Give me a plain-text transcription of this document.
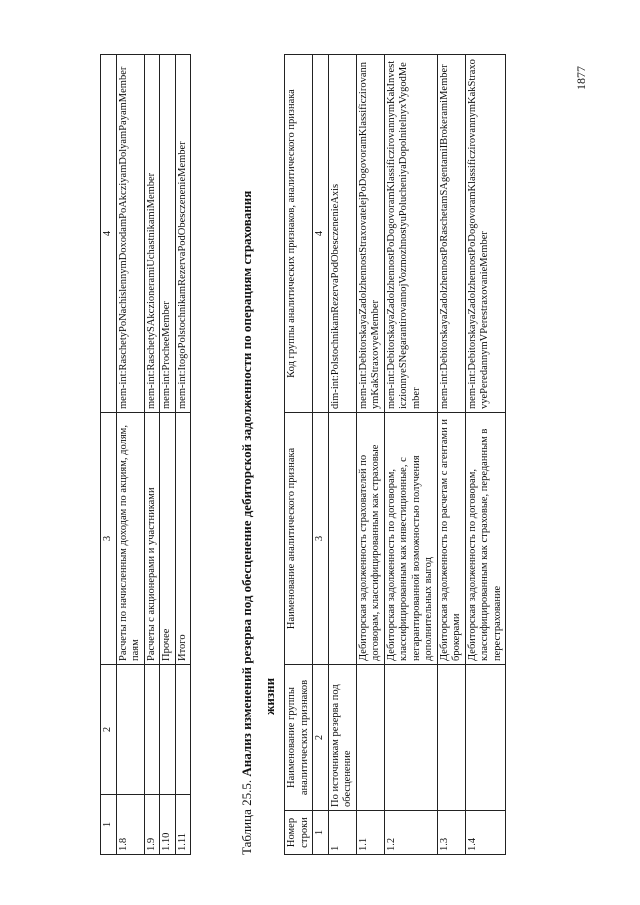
1	2	3	4
1.8		Расчеты по начисленным доходам по акциям, долям, паям	mem-int:RaschetyPoNachislennymDoxodamPoAkcziyamDolyamPayamMember
1.9		Расчеты с акционерами и участниками	mem-int:RaschetySAkczioneramiUchastnikamiMember
1.10		Прочее	mem-int:ProcheeMember
1.11		Итого	mem-int:ItogoPolstochnikamRezervaPodObesczenenieMember
Таблица 25.5. Анализ изменений резерва под обесценение дебиторской задолженности по операциям страхования жизни
Номер строки	Наименование группы аналитических признаков	Наименование аналитического признака	Код группы аналитических признаков, аналитического признака
1	2	3	4
1	По источникам резерва под обесценение		dim-int:PolstochnikamRezervaPodObesczenenieAxis
1.1		Дебиторская задолженность страхователей по договорам, классифицированным как страховые	mem-int:DebitorskayaZadolzhennostStraxovatelejPoDogovoramKlassificzirovannymKakStraxovyeMember
1.2		Дебиторская задолженность по договорам, классифицированным как инвестиционные, с негарантированной возможностью получения дополнительных выгод	mem-int:DebitorskayaZadolzhennostPoDogovoramKlassificzirovannymKakInvesticzionnyeSNegarantirovannojVozmozhnostyuPolucheniyaDopolnitelnyxVygodMember
1.3		Дебиторская задолженность по расчетам с агентами и брокерами	mem-int:DebitorskayaZadolzhennostPoRaschetamSAgentamiIBrokeramiMember
1.4		Дебиторская задолженность по договорам, классифицированным как страховые, переданным в перестрахование	mem-int:DebitorskayaZadolzhennostPoDogovoramKlassificzirovannymKakStraxovyePeredannymVPerestraxovanieMember
1877
